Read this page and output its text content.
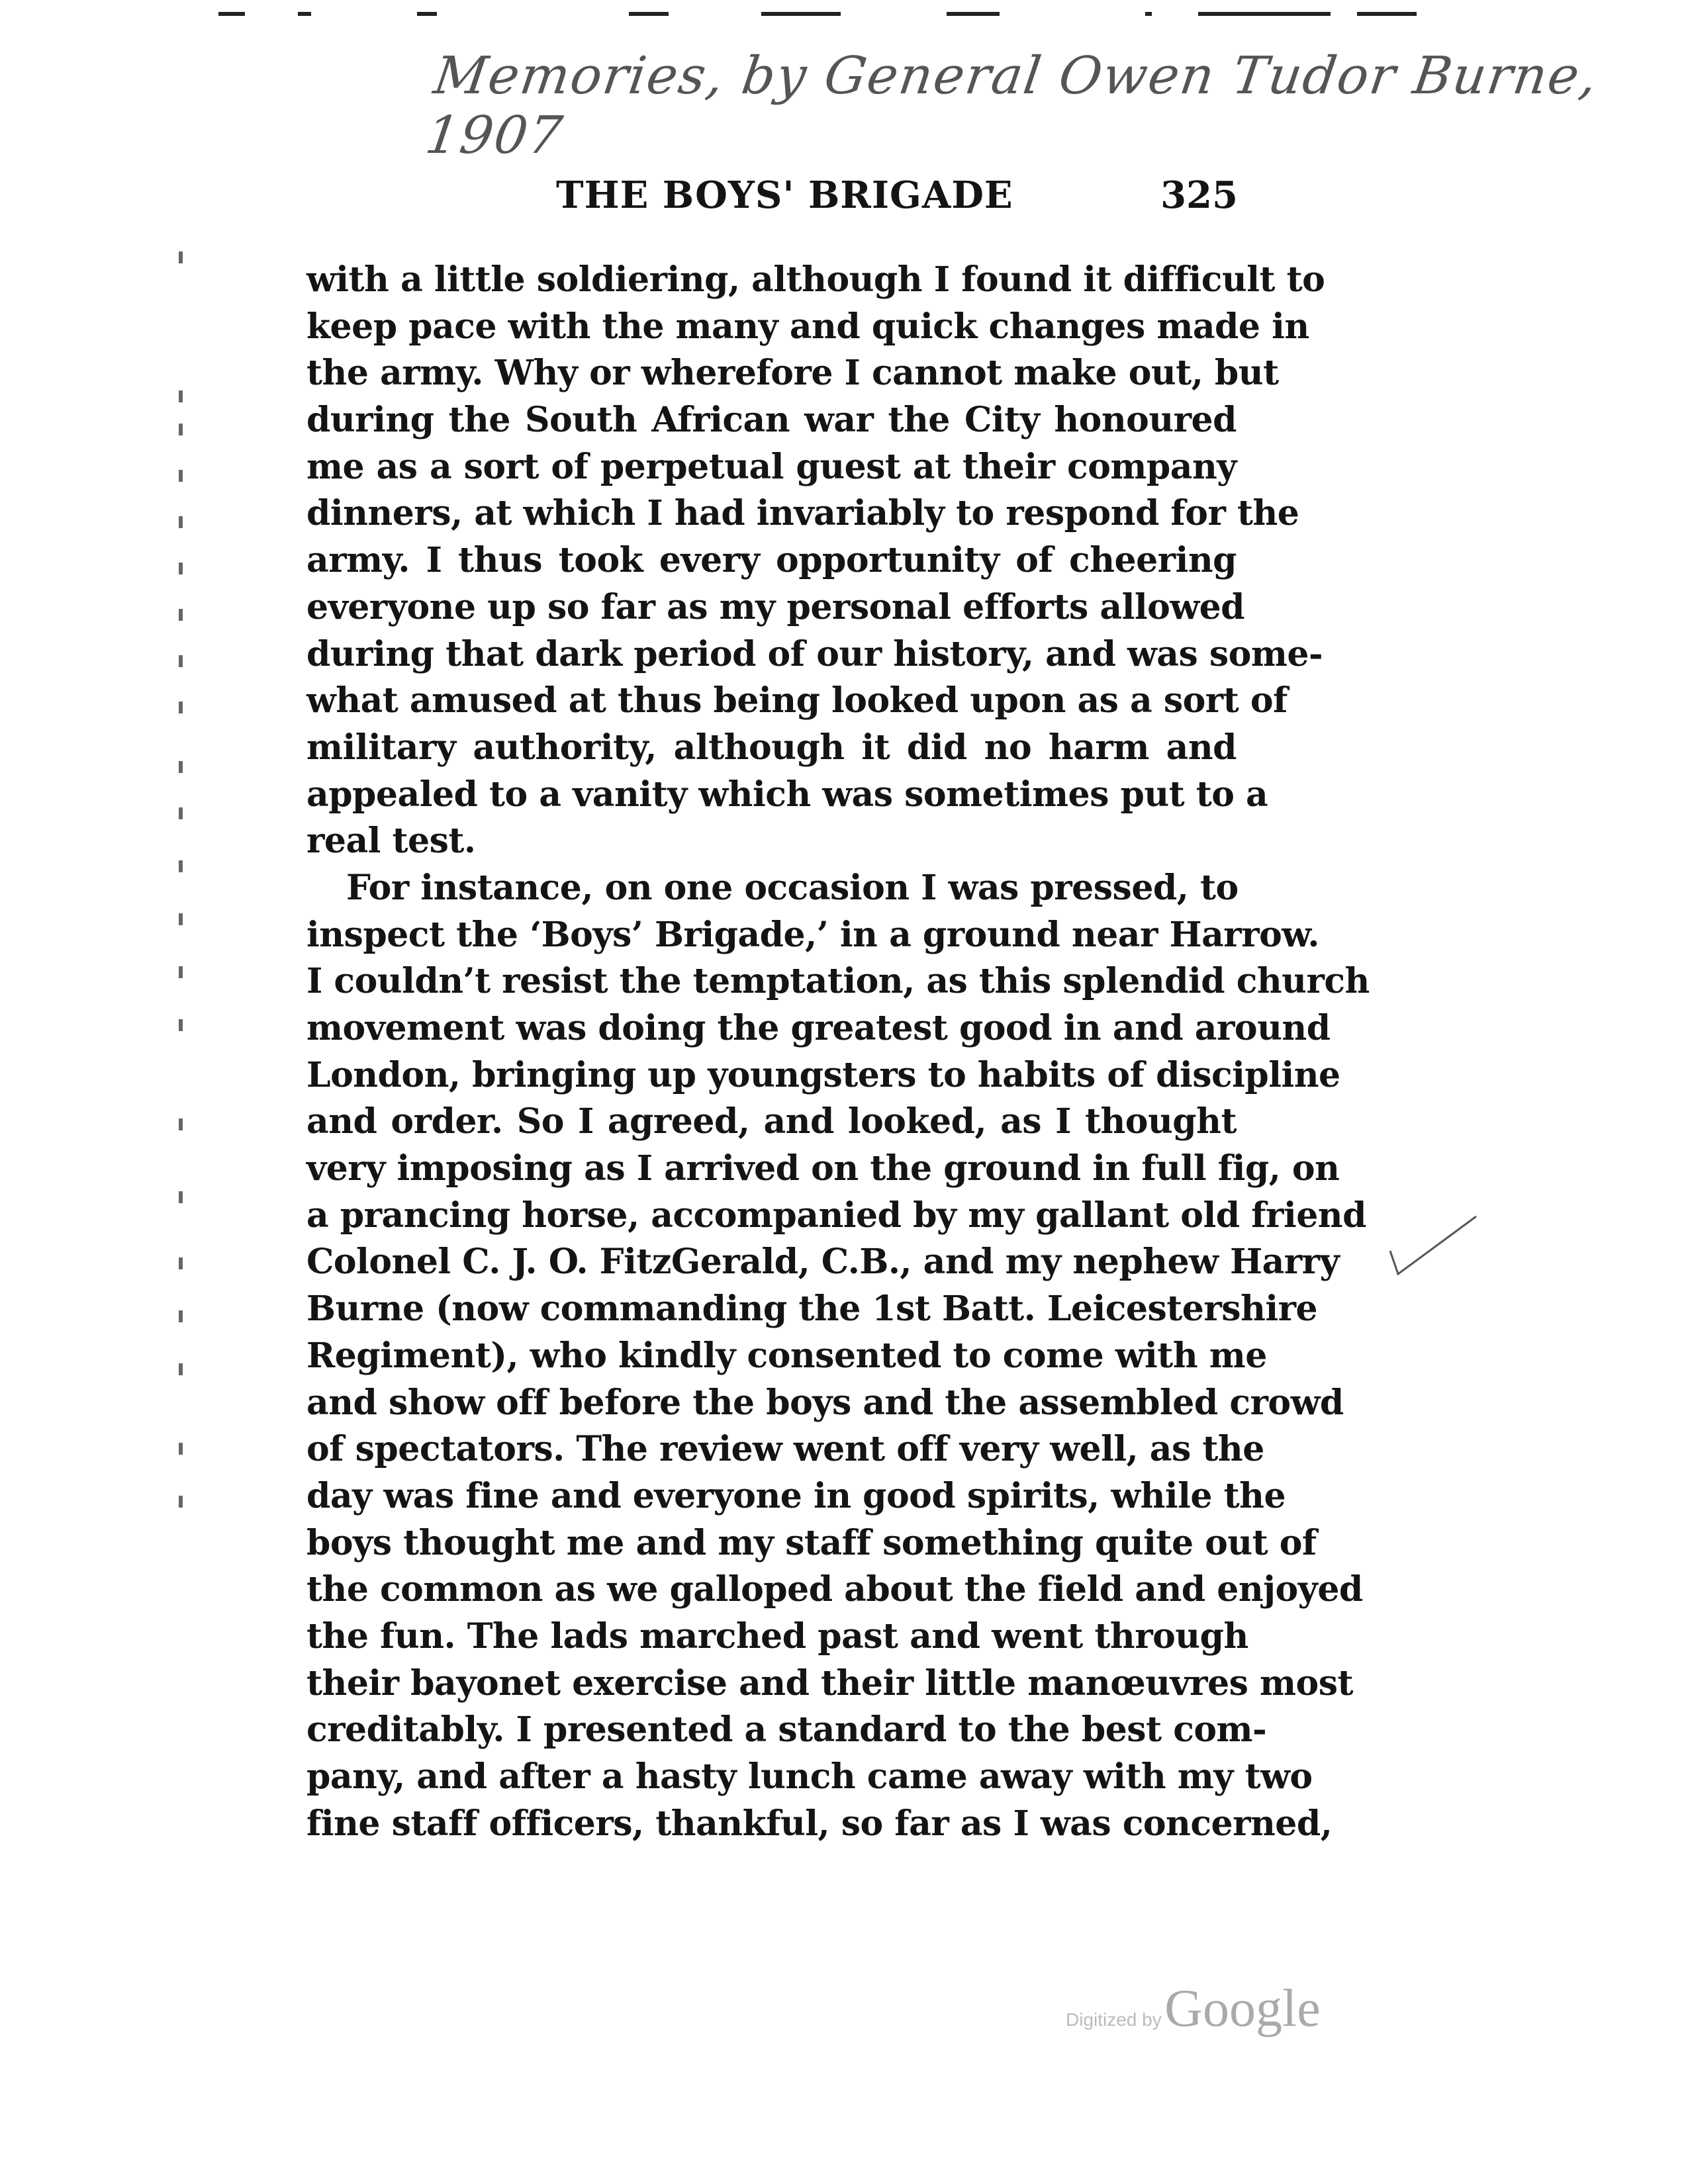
Memories, by General Owen Tudor Burne, 1907
THE BOYS' BRIGADE	325
with a little soldiering, although I found it difficult to
keep pace with the many and quick changes made in
the army. Why or wherefore I cannot make out, but
during the South African war the City honoured
me as a sort of perpetual guest at their company
dinners, at which I had invariably to respond for the
army. I thus took every opportunity of cheering
everyone up so far as my personal efforts allowed
during that dark period of our history, and was some-
what amused at thus being looked upon as a sort of
military authority, although it did no harm and
appealed to a vanity which was sometimes put to a
real test.
For instance, on one occasion I was pressed, to
inspect the ‘Boys’ Brigade,’ in a ground near Harrow.
I couldn’t resist the temptation, as this splendid church
movement was doing the greatest good in and around
London, bringing up youngsters to habits of discipline
and order. So I agreed, and looked, as I thought
very imposing as I arrived on the ground in full fig, on
a prancing horse, accompanied by my gallant old friend
Colonel C. J. O. FitzGerald, C.B., and my nephew Harry
Burne (now commanding the 1st Batt. Leicestershire
Regiment), who kindly consented to come with me
and show off before the boys and the assembled crowd
of spectators. The review went off very well, as the
day was fine and everyone in good spirits, while the
boys thought me and my staff something quite out of
the common as we galloped about the field and enjoyed
the fun. The lads marched past and went through
their bayonet exercise and their little manœuvres most
creditably. I presented a standard to the best com-
pany, and after a hasty lunch came away with my two
fine staff officers, thankful, so far as I was concerned,
Digitized by Google
